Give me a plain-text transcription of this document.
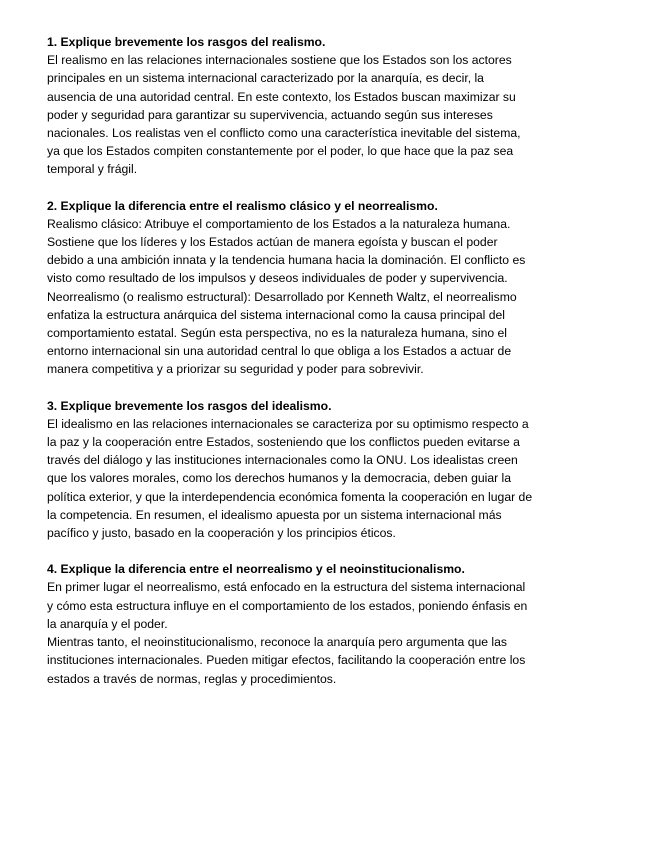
1. Explique brevemente los rasgos del realismo.

El realismo en las relaciones internacionales sostiene que los Estados son los actores
principales en un sistema internacional caracterizado por la anarquía, es decir, la
ausencia de una autoridad central. En este contexto, los Estados buscan maximizar su
poder y seguridad para garantizar su supervivencia, actuando según sus intereses
nacionales. Los realistas ven el conflicto como una característica inevitable del sistema,
ya que los Estados compiten constantemente por el poder, lo que hace que la paz sea
temporal y frágil.

2. Explique la diferencia entre el realismo clásico y el neorrealismo.

Realismo clásico: Atribuye el comportamiento de los Estados a la naturaleza humana.
Sostiene que los líderes y los Estados actúan de manera egoísta y buscan el poder
debido a una ambición innata y la tendencia humana hacia la dominación. El conflicto es
visto como resultado de los impulsos y deseos individuales de poder y supervivencia.
Neorrealismo (o realismo estructural): Desarrollado por Kenneth Waltz, el neorrealismo
enfatiza la estructura anárquica del sistema internacional como la causa principal del
comportamiento estatal. Según esta perspectiva, no es la naturaleza humana, sino el
entorno internacional sin una autoridad central lo que obliga a los Estados a actuar de
manera competitiva y a priorizar su seguridad y poder para sobrevivir.

3. Explique brevemente los rasgos del idealismo.

El idealismo en las relaciones internacionales se caracteriza por su optimismo respecto a
la paz y la cooperación entre Estados, sosteniendo que los conflictos pueden evitarse a
través del diálogo y las instituciones internacionales como la ONU. Los idealistas creen
que los valores morales, como los derechos humanos y la democracia, deben guiar la
política exterior, y que la interdependencia económica fomenta la cooperación en lugar de
la competencia. En resumen, el idealismo apuesta por un sistema internacional más
pacífico y justo, basado en la cooperación y los principios éticos.

4. Explique la diferencia entre el neorrealismo y el neoinstitucionalismo.

En primer lugar el neorrealismo, está enfocado en la estructura del sistema internacional
y cómo esta estructura influye en el comportamiento de los estados, poniendo énfasis en
la anarquía y el poder.
Mientras tanto, el neoinstitucionalismo, reconoce la anarquía pero argumenta que las
instituciones internacionales. Pueden mitigar efectos, facilitando la cooperación entre los
estados a través de normas, reglas y procedimientos.
